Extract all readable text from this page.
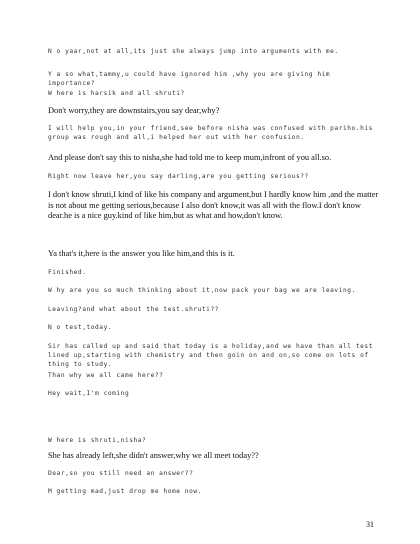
N o yaar,not at all,its just she always jump into arguments with me.
Y a so what,tammy,u could have ignored him ,why you are giving him importance?
W here is harsik and all shruti?
Don't worry,they are downstairs,you say dear,why?
I will help you,in your friend,see before nisha was confused with pariho.his group was rough and all,i helped her out with her confusion.
And please don't say this to nisha,she had told me to keep mum,infront of you all.so.
Right now leave her,you say darling,are you getting serious??
I don't know shruti,I kind of like his company and argument,but I hardly know him ,and the matter is not about me getting serious,because I also don't know,it was all with the flow.I don't know dear.he is a nice guy.kind of like him,but as what and how,don't know.
Ya that's it,here is the answer you like him,and this is it.
Finished.
W hy are you so much thinking about it,now pack your bag we are leaving.
Leaving?and what about the test.shruti??
N o test,today.
Sir has called up and said that today is a holiday,and we have than all test lined up,starting with chemistry and then goin on and on,so come on lots of thing to study.
Than why we all came here??
Hey wait,I'm coming
W here is shruti,nisha?
She has already left,she didn't answer,why we all meet today??
Dear,so you still need an answer??
M getting mad,just drop me home now.
31
